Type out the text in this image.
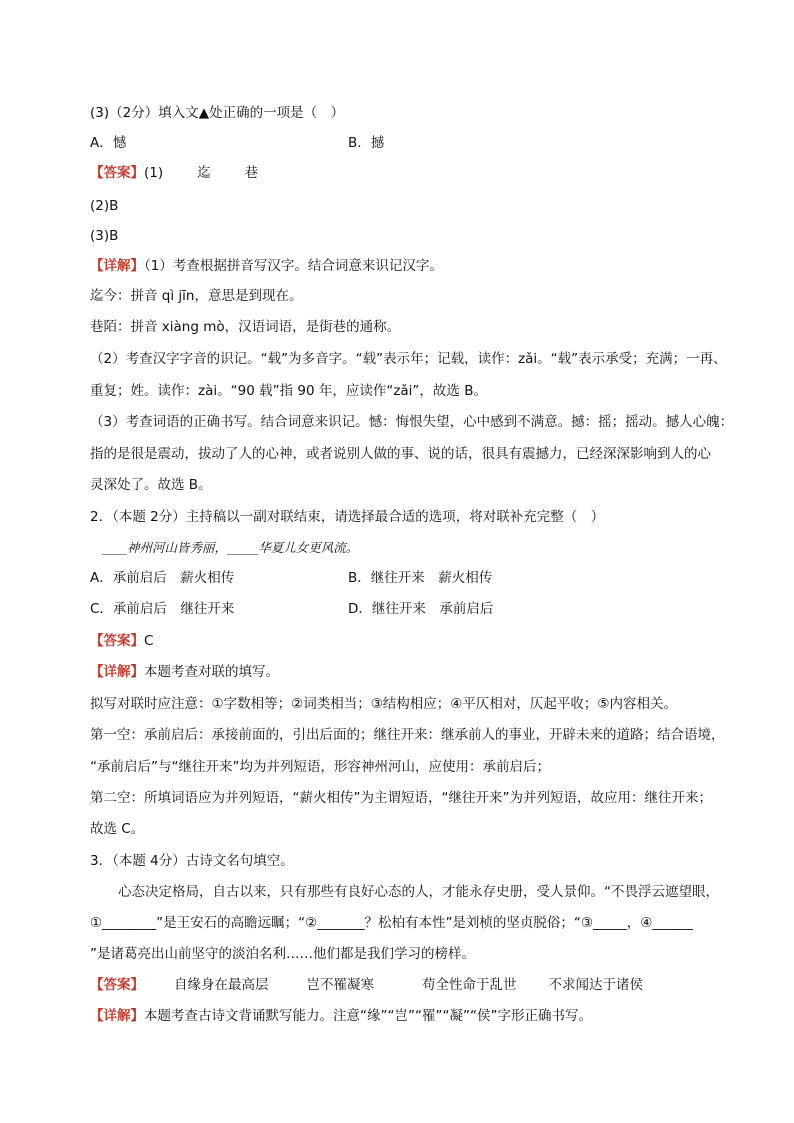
(3)（2分）填入文▲处正确的一项是（　）
A．憾	B．撼
【答案】(1)	迄	巷
(2)B
(3)B
【详解】（1）考查根据拼音写汉字。结合词意来识记汉字。
迄今：拼音 qì jīn，意思是到现在。
巷陌：拼音 xiàng mò，汉语词语，是街巷的通称。
（2）考查汉字字音的识记。“载”为多音字。“载”表示年；记载，读作：zǎi。“载”表示承受；充满；一再、
重复；姓。读作：zài。“90 载”指 90 年，应读作“zǎi”，故选 B。
（3）考查词语的正确书写。结合词意来识记。憾：悔恨失望，心中感到不满意。撼：摇；摇动。撼人心魄：
指的是很是震动，拔动了人的心神，或者说别人做的事、说的话，很具有震撼力，已经深深影响到人的心
灵深处了。故选 B。
2．（本题 2分）主持稿以一副对联结束，请选择最合适的选项，将对联补充完整（　）
____神州河山皆秀丽，_____华夏儿女更风流。
A．承前启后　薪火相传	B．继往开来　薪火相传
C．承前启后　继往开来	D．继往开来　承前启后
【答案】C
【详解】本题考查对联的填写。
拟写对联时应注意：①字数相等；②词类相当；③结构相应；④平仄相对，仄起平收；⑤内容相关。
第一空：承前启后：承接前面的，引出后面的；继往开来：继承前人的事业，开辟未来的道路；结合语境，
“承前启后”与“继往开来”均为并列短语，形容神州河山，应使用：承前启后；
第二空：所填词语应为并列短语，“薪火相传”为主谓短语，“继往开来”为并列短语，故应用：继往开来；
故选 C。
3．（本题 4分）古诗文名句填空。
心态决定格局，自古以来，只有那些有良好心态的人，才能永存史册，受人景仰。“不畏浮云遮望眼，
①________”是王安石的高瞻远瞩；“②_______？松柏有本性”是刘桢的坚贞脱俗；“③_____，④______
”是诸葛亮出山前坚守的淡泊名利……他们都是我们学习的榜样。
【答案】 自缘身在最高层	岂不罹凝寒	苟全性命于乱世 不求闻达于诸侯
【详解】本题考查古诗文背诵默写能力。注意“缘”“岂”“罹”“凝”“侯”字形正确书写。
